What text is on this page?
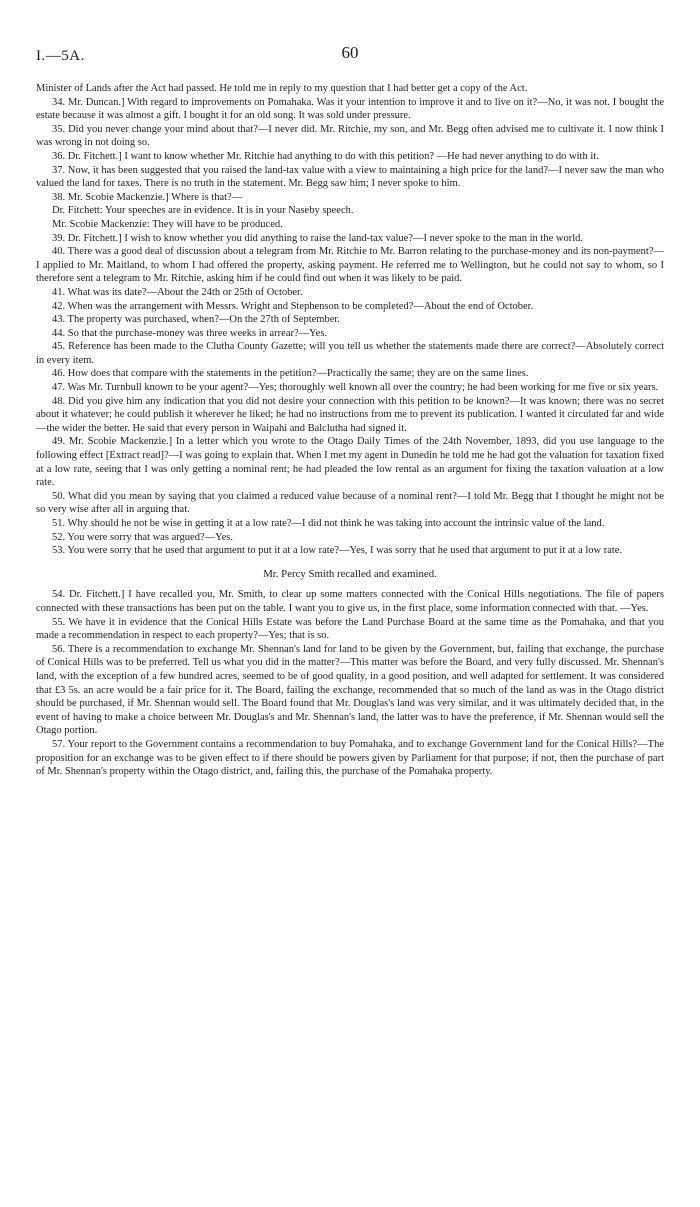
I.—5A.	60

Minister of Lands after the Act had passed. He told me in reply to my question that I had better get a copy of the Act.

34. Mr. Duncan.] With regard to improvements on Pomahaka. Was it your intention to improve it and to live on it?—No, it was not. I bought the estate because it was almost a gift. I bought it for an old song. It was sold under pressure.

35. Did you never change your mind about that?—I never did. Mr. Ritchie, my son, and Mr. Begg often advised me to cultivate it. I now think I was wrong in not doing so.

36. Dr. Fitchett.] I want to know whether Mr. Ritchie had anything to do with this petition? —He had never anything to do with it.

37. Now, it has been suggested that you raised the land-tax value with a view to maintaining a high price for the land?—I never saw the man who valued the land for taxes. There is no truth in the statement. Mr. Begg saw him; I never spoke to him.

38. Mr. Scobie Mackenzie.] Where is that?—

Dr. Fitchett: Your speeches are in evidence. It is in your Naseby speech.

Mr. Scobie Mackenzie: They will have to be produced.

39. Dr. Fitchett.] I wish to know whether you did anything to raise the land-tax value?—I never spoke to the man in the world.

40. There was a good deal of discussion about a telegram from Mr. Ritchie to Mr. Barron relating to the purchase-money and its non-payment?—I applied to Mr. Maitland, to whom I had offered the property, asking payment. He referred me to Wellington, but he could not say to whom, so I therefore sent a telegram to Mr. Ritchie, asking him if he could find out when it was likely to be paid.

41. What was its date?—About the 24th or 25th of October.

42. When was the arrangement with Messrs. Wright and Stephenson to be completed?—About the end of October.

43. The property was purchased, when?—On the 27th of September.

44. So that the purchase-money was three weeks in arrear?—Yes.

45. Reference has been made to the Clutha County Gazette; will you tell us whether the statements made there are correct?—Absolutely correct in every item.

46. How does that compare with the statements in the petition?—Practically the same; they are on the same lines.

47. Was Mr. Turnbull known to be your agent?—Yes; thoroughly well known all over the country; he had been working for me five or six years.

48. Did you give him any indication that you did not desire your connection with this petition to be known?—It was known; there was no secret about it whatever; he could publish it wherever he liked; he had no instructions from me to prevent its publication. I wanted it circulated far and wide—the wider the better. He said that every person in Waipahi and Balclutha had signed it.

49. Mr. Scobie Mackenzie.] In a letter which you wrote to the Otago Daily Times of the 24th November, 1893, did you use language to the following effect [Extract read]?—I was going to explain that. When I met my agent in Dunedin he told me he had got the valuation for taxation fixed at a low rate, seeing that I was only getting a nominal rent; he had pleaded the low rental as an argument for fixing the taxation valuation at a low rate.

50. What did you mean by saying that you claimed a reduced value because of a nominal rent?—I told Mr. Begg that I thought he might not be so very wise after all in arguing that.

51. Why should he not be wise in getting it at a low rate?—I did not think he was taking into account the intrinsic value of the land.

52. You were sorry that was argued?—Yes.

53. You were sorry that he used that argument to put it at a low rate?—Yes, I was sorry that he used that argument to put it at a low rate.

Mr. Percy Smith recalled and examined.

54. Dr. Fitchett.] I have recalled you, Mr. Smith, to clear up some matters connected with the Conical Hills negotiations. The file of papers connected with these transactions has been put on the table. I want you to give us, in the first place, some information connected with that. —Yes.

55. We have it in evidence that the Conical Hills Estate was before the Land Purchase Board at the same time as the Pomahaka, and that you made a recommendation in respect to each property?—Yes; that is so.

56. There is a recommendation to exchange Mr. Shennan's land for land to be given by the Government, but, failing that exchange, the purchase of Conical Hills was to be preferred. Tell us what you did in the matter?—This matter was before the Board, and very fully discussed. Mr. Shennan's land, with the exception of a few hundred acres, seemed to be of good quality, in a good position, and well adapted for settlement. It was considered that £3 5s. an acre would be a fair price for it. The Board, failing the exchange, recommended that so much of the land as was in the Otago district should be purchased, if Mr. Shennan would sell. The Board found that Mr. Douglas's land was very similar, and it was ultimately decided that, in the event of having to make a choice between Mr. Douglas's and Mr. Shennan's land, the latter was to have the preference, if Mr. Shennan would sell the Otago portion.

57. Your report to the Government contains a recommendation to buy Pomahaka, and to exchange Government land for the Conical Hills?—The proposition for an exchange was to be given effect to if there should be powers given by Parliament for that purpose; if not, then the purchase of part of Mr. Shennan's property within the Otago district, and, failing this, the purchase of the Pomahaka property.
